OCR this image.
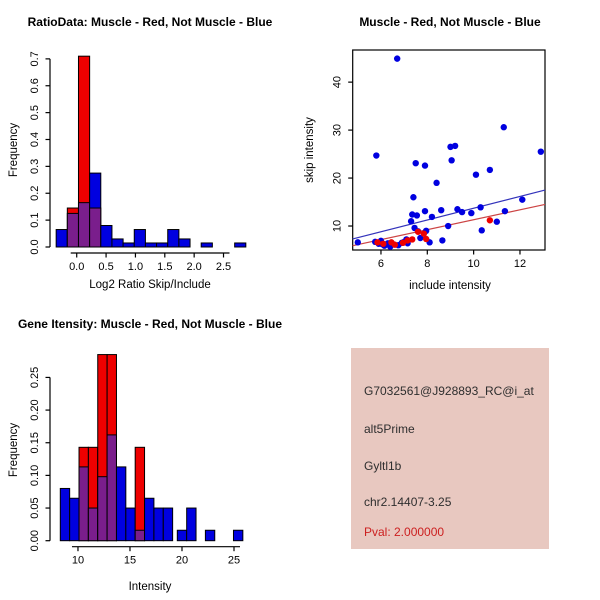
RatioData: Muscle - Red, Not Muscle - Blue
0.0 0.5 1.0 1.5 2.0 2.5
0.0
0.1
0.2
0.3
0.4
0.5
0.6
0.7
Frequency
Log2 Ratio Skip/Include
Muscle - Red, Not Muscle - Blue
6	8	10	12
10
20
30
40
skip intensity
include intensity
Gene Itensity: Muscle - Red, Not Muscle - Blue
10	15	20	25
0.00
0.05
0.10
0.15
0.20
0.25
Frequency
Intensity
G7032561@J928893_RC@i_at
alt5Prime
Gyltl1b
chr2.14407-3.25
Pval: 2.000000
